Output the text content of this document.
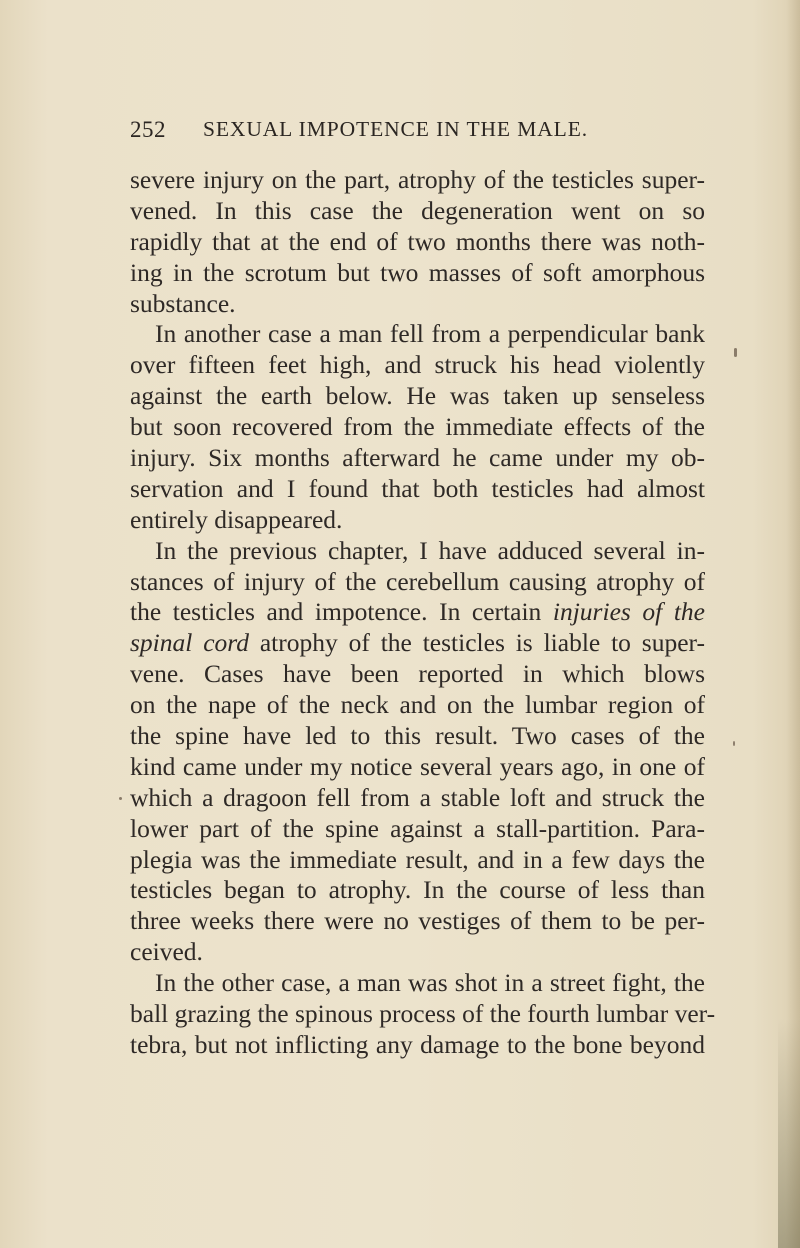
252 SEXUAL IMPOTENCE IN THE MALE.
severe injury on the part, atrophy of the testicles super-
vened. In this case the degeneration went on so
rapidly that at the end of two months there was noth-
ing in the scrotum but two masses of soft amorphous
substance.
In another case a man fell from a perpendicular bank
over fifteen feet high, and struck his head violently
against the earth below. He was taken up senseless
but soon recovered from the immediate effects of the
injury. Six months afterward he came under my ob-
servation and I found that both testicles had almost
entirely disappeared.
In the previous chapter, I have adduced several in-
stances of injury of the cerebellum causing atrophy of
the testicles and impotence. In certain injuries of the
spinal cord atrophy of the testicles is liable to super-
vene. Cases have been reported in which blows
on the nape of the neck and on the lumbar region of
the spine have led to this result. Two cases of the
kind came under my notice several years ago, in one of
which a dragoon fell from a stable loft and struck the
lower part of the spine against a stall-partition. Para-
plegia was the immediate result, and in a few days the
testicles began to atrophy. In the course of less than
three weeks there were no vestiges of them to be per-
ceived.
In the other case, a man was shot in a street fight, the
ball grazing the spinous process of the fourth lumbar ver-
tebra, but not inflicting any damage to the bone beyond
